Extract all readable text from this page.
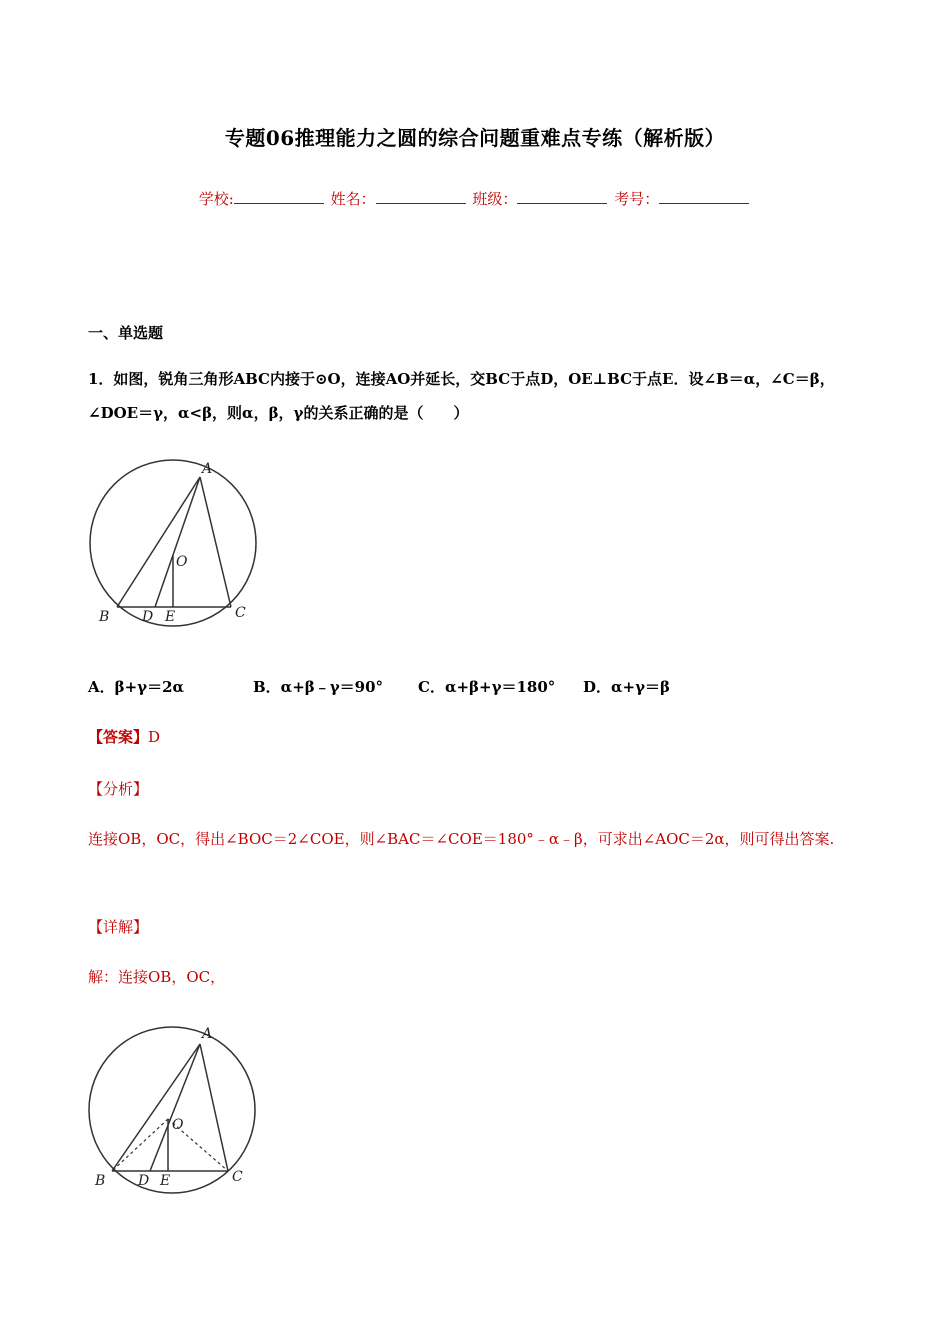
专题06推理能力之圆的综合问题重难点专练（解析版）
学校:	姓名：	班级：	考号：
一、单选题
1．如图，锐角三角形ABC内接于⊙O，连接AO并延长，交BC于点D，OE⊥BC于点E．设∠B＝α，∠C＝β，∠DOE＝γ，α<β，则α，β，γ的关系正确的是（　　）
A
O
B D E	C
A．β+γ＝2α	B．α+β﹣γ＝90° C．α+β+γ＝180° D．α+γ＝β
【答案】D
【分析】
连接OB，OC，得出∠BOC＝2∠COE，则∠BAC＝∠COE＝180°﹣α﹣β，可求出∠AOC＝2α，则可得出答案.
【详解】
解：连接OB，OC，
A
O
B D E	C
